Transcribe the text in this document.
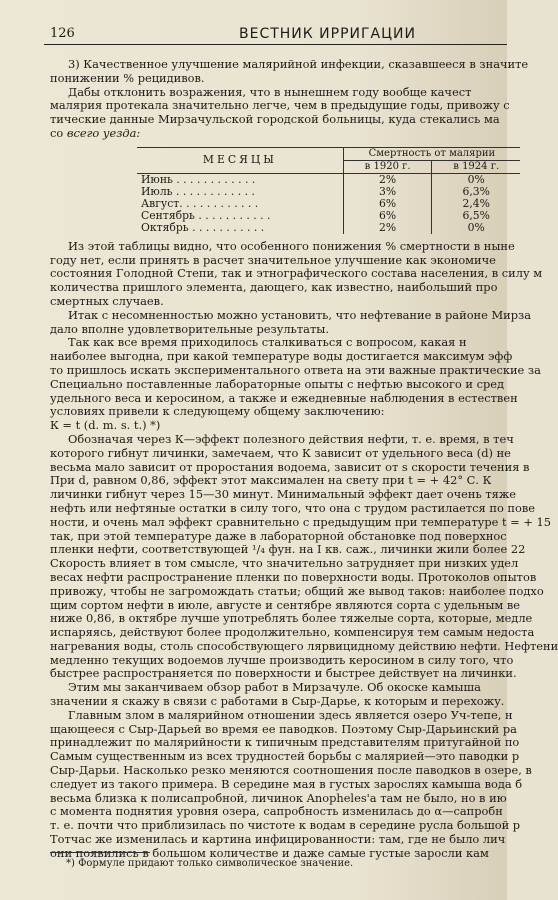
126	ВЕСТНИК ИРРИГАЦИИ

3) Качественное улучшение малярийной инфекции, сказавшееся в значите

понижении % рецидивов.

Дабы отклонить возражения, что в нынешнем году вообще качест

малярия протекала значительно легче, чем в предыдущие годы, привожу с

тические данные Мирзачульской городской больницы, куда стекались ма

со всего уезда:

МЕСЯЦЫ	Смертность от малярии	
	в 1920 г.	в 1924 г.
Июнь . . . . . . . . . . . .	2%	0%
Июль . . . . . . . . . . . .	3%	6,3%
Август. . . . . . . . . . . .	6%	2,4%
Сентябрь . . . . . . . . . . .	6%	6,5%
Октябрь . . . . . . . . . . .	2%	0%

Из этой таблицы видно, что особенного понижения % смертности в ныне

году нет, если принять в расчет значительное улучшение как экономиче

состояния Голодной Степи, так и этнографического состава населения, в силу м

количества пришлого элемента, дающего, как известно, наибольший про

смертных случаев.

Итак с несомненностью можно установить, что нефтевание в районе Мирза

дало вполне удовлетворительные результаты.

Так как все время приходилось сталкиваться с вопросом, какая н

наиболее выгодна, при какой температуре воды достигается максимум эфф

то пришлось искать экспериментального ответа на эти важные практические за

Специально поставленные лабораторные опыты с нефтью высокого и сред

удельного веса и керосином, а также и ежедневные наблюдения в естествен

условиях привели к следующему общему заключению:

К = t (d. m. s. t.) *)

Обозначая через К—эффект полезного действия нефти, т. е. время, в теч

которого гибнут личинки, замечаем, что К зависит от удельного веса (d) не

весьма мало зависит от пророcтания водоема, зависит от s скорости течения в

При d, равном 0,86, эффект этот максимален на свету при t = + 42° С. К

личинки гибнут через 15—30 минут. Минимальный эффект дает очень тяже

нефть или нефтяные остатки в силу того, что она с трудом растилается по пове

ности, и очень мал эффект сравнительно с предыдущим при температуре t = + 15

так, при этой температуре даже в лабораторной обстановке под поверхнос

пленки нефти, соответствующей ¹/₄ фун. на I кв. саж., личинки жили более 22

Скорость влияет в том смысле, что значительно затрудняет при низких удел

весах нефти распространение пленки по поверхности воды. Протоколов опытов

привожу, чтобы не загромождать статьи; общий же вывод таков: наиболее подхо

щим сортом нефти в июле, августе и сентябре являются сорта с удельным ве

ниже 0,86, в октябре лучше употреблять более тяжелые сорта, которые, медле

испаряясь, действуют более продолжительно, компенсируя тем самым недоста

нагревания воды, столь способствующего лярвицидному действию нефти. Нефтени

медленно текущих водоемов лучше производить керосином в силу того, что

быстрее распространяется по поверхности и быстрее действует на личинки.

Этим мы заканчиваем обзор работ в Мирзачуле. Об окоске камыша

значении я скажу в связи с работами в Сыр-Дарье, к которым и перехожу.

Главным злом в малярийном отношении здесь является озеро Уч-тепе, н

щающееся с Сыр-Дарьей во время ее паводков. Поэтому Сыр-Дарьинский ра

принадлежит по малярийности к типичным представителям притугайной по

Самым существенным из всех трудностей борьбы с малярией—это паводки р

Сыр-Дарьи. Насколько резко меняются соотношения после паводков в озере, в

следует из такого примера. В середине мая в густых зарослях камыша вода б

весьма близка к полисапробной, личинок Anopheles'а там не было, но в ию

с момента поднятия уровня озера, сапробность изменилась до α—сапробн

т. е. почти что приблизилась по чистоте к водам в середине русла большой р

Тотчас же изменилась и картина инфицированности: там, где не было лич

они появились в большом количестве и даже самые густые заросли кам

*) Формуле придают только символическое значение.
